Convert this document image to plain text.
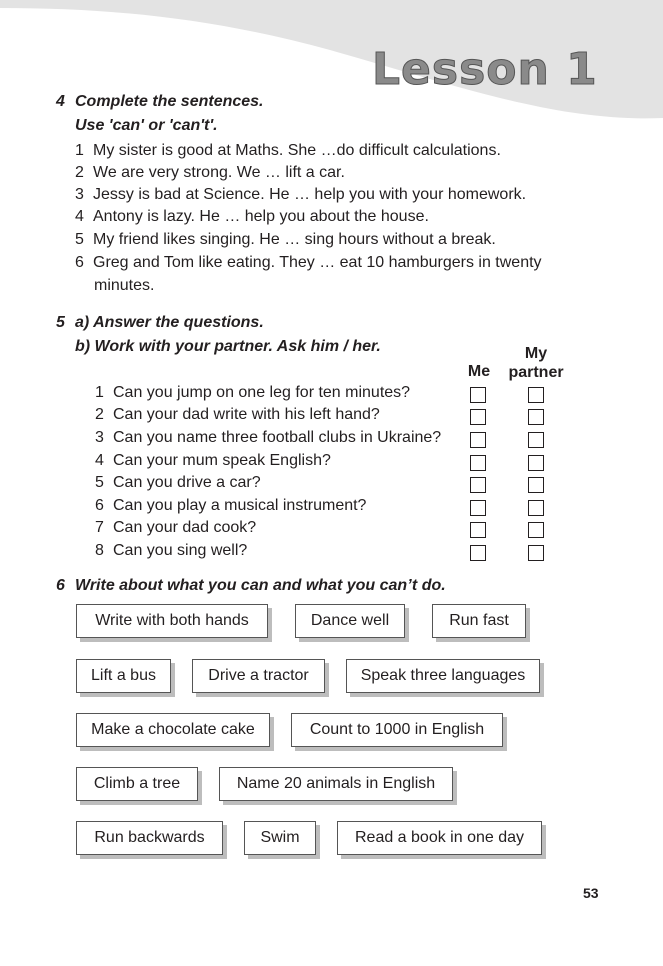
Lesson 1
4 Complete the sentences.
Use 'can' or 'can't'.
1 My sister is good at Maths. She …do difficult calculations.
2 We are very strong. We … lift a car.
3 Jessy is bad at Science. He … help you with your homework.
4 Antony is lazy. He … help you about the house.
5 My friend likes singing. He … sing hours without a break.
6 Greg and Tom like eating. They … eat 10 hamburgers in twenty
minutes.
5 a) Answer the questions.
b) Work with your partner. Ask him / her.
Me
My
partner
1 Can you jump on one leg for ten minutes?
2 Can your dad write with his left hand?
3 Can you name three football clubs in Ukraine?
4 Can your mum speak English?
5 Can you drive a car?
6 Can you play a musical instrument?
7 Can your dad cook?
8 Can you sing well?
6 Write about what you can and what you can’t do.
Write with both hands	Dance well	Run fast
Lift a bus	Drive a tractor	Speak three languages
Make a chocolate cake	Count to 1000 in English
Climb a tree	Name 20 animals in English
Run backwards	Swim	Read a book in one day
53
